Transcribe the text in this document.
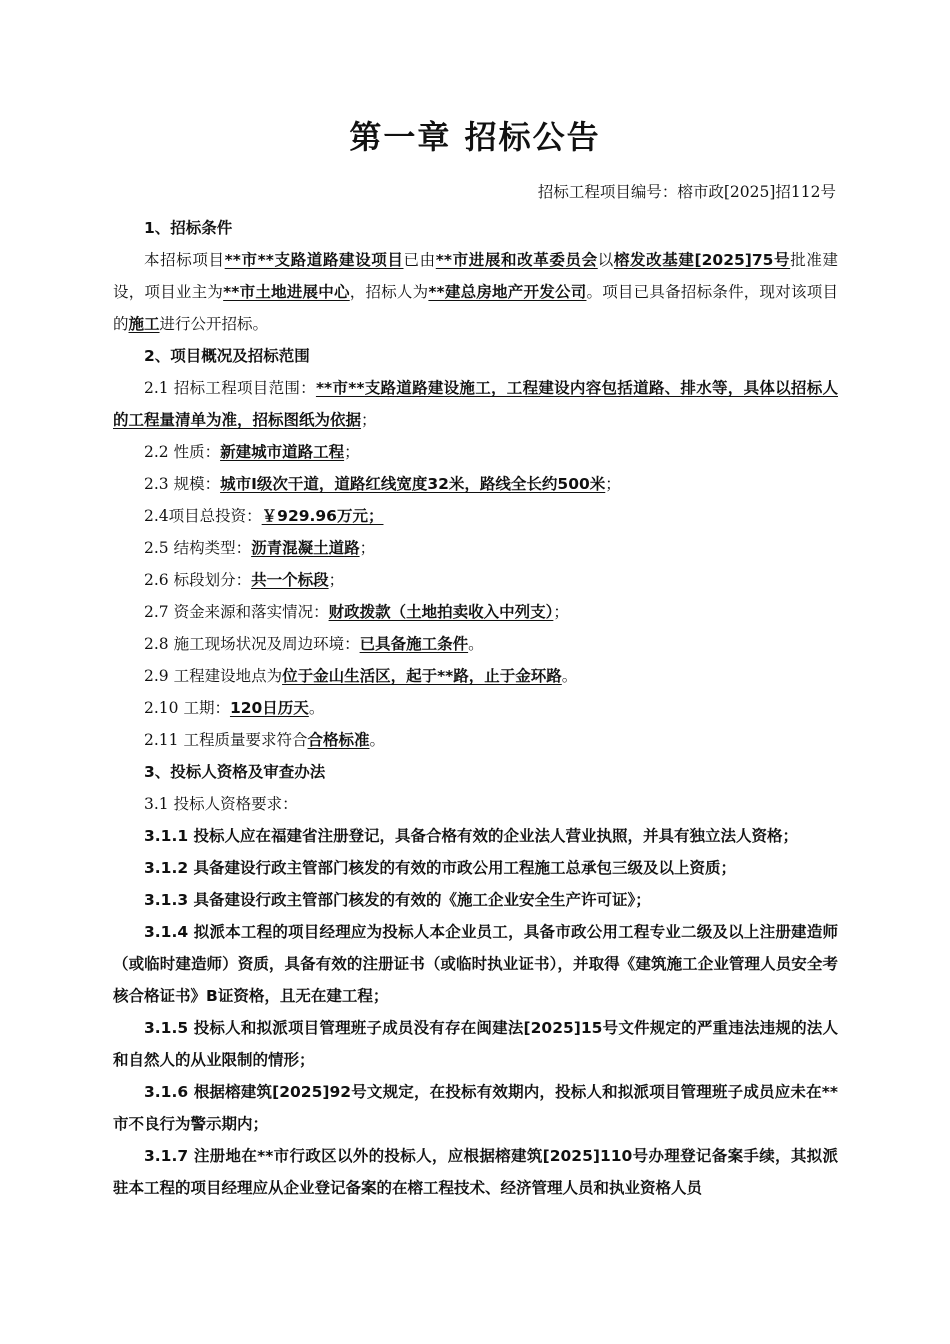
第一章 招标公告
招标工程项目编号：榕市政[2025]招112号

1、招标条件

本招标项目**市**支路道路建设项目已由**市进展和改革委员会以榕发改基建[2025]75号批准建设，项目业主为**市土地进展中心，招标人为**建总房地产开发公司。项目已具备招标条件，现对该项目的施工进行公开招标。

2、项目概况及招标范围

2.1 招标工程项目范围：**市**支路道路建设施工，工程建设内容包括道路、排水等，具体以招标人的工程量清单为准，招标图纸为依据；

2.2 性质：新建城市道路工程；

2.3 规模：城市Ⅰ级次干道，道路红线宽度32米，路线全长约500米；

2.4项目总投资：￥929.96万元；

2.5 结构类型：沥青混凝土道路；

2.6 标段划分：共一个标段；

2.7 资金来源和落实情况：财政拨款（土地拍卖收入中列支）；

2.8 施工现场状况及周边环境：已具备施工条件。

2.9 工程建设地点为位于金山生活区，起于**路，止于金环路。

2.10 工期：120日历天。

2.11 工程质量要求符合合格标准。

3、投标人资格及审查办法

3.1 投标人资格要求：

3.1.1 投标人应在福建省注册登记，具备合格有效的企业法人营业执照，并具有独立法人资格；

3.1.2 具备建设行政主管部门核发的有效的市政公用工程施工总承包三级及以上资质；

3.1.3 具备建设行政主管部门核发的有效的《施工企业安全生产许可证》；

3.1.4 拟派本工程的项目经理应为投标人本企业员工，具备市政公用工程专业二级及以上注册建造师（或临时建造师）资质，具备有效的注册证书（或临时执业证书），并取得《建筑施工企业管理人员安全考核合格证书》B证资格，且无在建工程；

3.1.5 投标人和拟派项目管理班子成员没有存在闽建法[2025]15号文件规定的严重违法违规的法人和自然人的从业限制的情形；

3.1.6 根据榕建筑[2025]92号文规定，在投标有效期内，投标人和拟派项目管理班子成员应未在**市不良行为警示期内；

3.1.7 注册地在**市行政区以外的投标人，应根据榕建筑[2025]110号办理登记备案手续，其拟派驻本工程的项目经理应从企业登记备案的在榕工程技术、经济管理人员和执业资格人员
